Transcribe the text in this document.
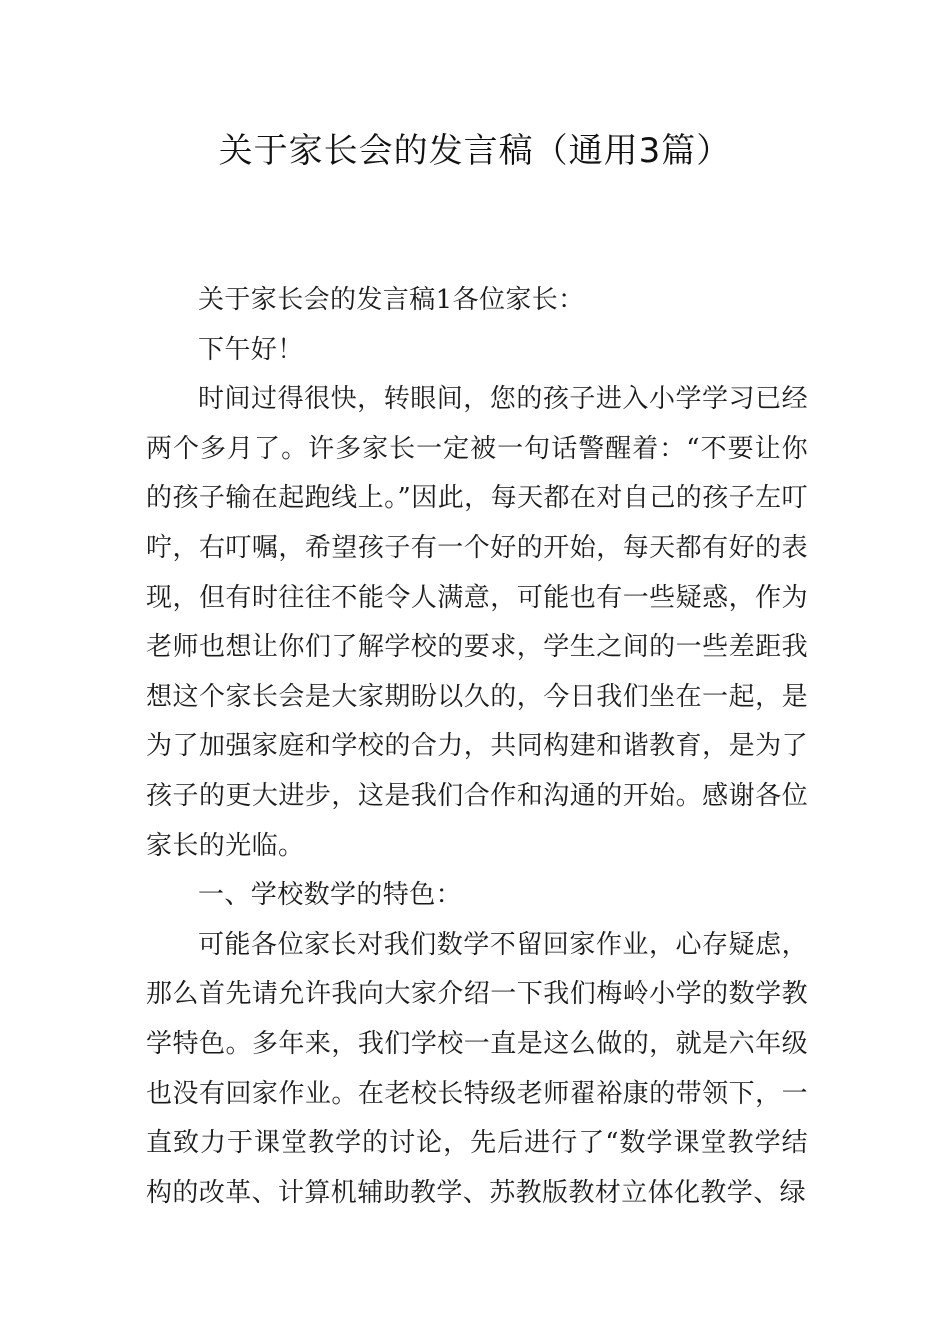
关于家长会的发言稿（通用3篇）

关于家长会的发言稿1各位家长：

下午好！

时间过得很快，转眼间，您的孩子进入小学学习已经两个多月了。许多家长一定被一句话警醒着：“不要让你的孩子输在起跑线上。”因此，每天都在对自己的孩子左叮咛，右叮嘱，希望孩子有一个好的开始，每天都有好的表现，但有时往往不能令人满意，可能也有一些疑惑，作为老师也想让你们了解学校的要求，学生之间的一些差距我想这个家长会是大家期盼以久的，今日我们坐在一起，是为了加强家庭和学校的合力，共同构建和谐教育，是为了孩子的更大进步，这是我们合作和沟通的开始。感谢各位家长的光临。

一、学校数学的特色：

可能各位家长对我们数学不留回家作业，心存疑虑，那么首先请允许我向大家介绍一下我们梅岭小学的数学教学特色。多年来，我们学校一直是这么做的，就是六年级也没有回家作业。在老校长特级老师翟裕康的带领下，一直致力于课堂教学的讨论，先后进行了“数学课堂教学结构的改革、计算机辅助教学、苏教版教材立体化教学、绿
